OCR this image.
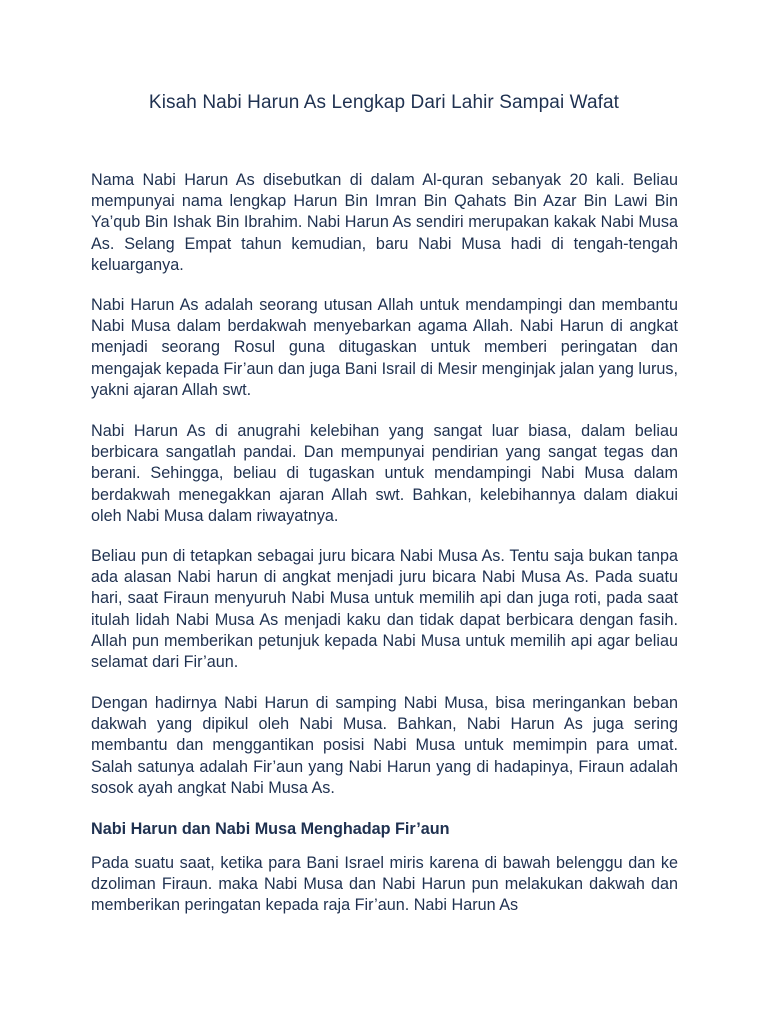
Kisah Nabi Harun As Lengkap Dari Lahir Sampai Wafat

Nama Nabi Harun As disebutkan di dalam Al-quran sebanyak 20 kali. Beliau mempunyai nama lengkap Harun Bin Imran Bin Qahats Bin Azar Bin Lawi Bin Ya’qub Bin Ishak Bin Ibrahim. Nabi Harun As sendiri merupakan kakak Nabi Musa As. Selang Empat tahun kemudian, baru Nabi Musa hadi di tengah-tengah keluarganya.

Nabi Harun As adalah seorang utusan Allah untuk mendampingi dan membantu Nabi Musa dalam berdakwah menyebarkan agama Allah. Nabi Harun di angkat menjadi seorang Rosul guna ditugaskan untuk memberi peringatan dan mengajak kepada Fir’aun dan juga Bani Israil di Mesir menginjak jalan yang lurus, yakni ajaran Allah swt.

Nabi Harun As di anugrahi kelebihan yang sangat luar biasa, dalam beliau berbicara sangatlah pandai. Dan mempunyai pendirian yang sangat tegas dan berani. Sehingga, beliau di tugaskan untuk mendampingi Nabi Musa dalam berdakwah menegakkan ajaran Allah swt. Bahkan, kelebihannya dalam diakui oleh Nabi Musa dalam riwayatnya.

Beliau pun di tetapkan sebagai juru bicara Nabi Musa As. Tentu saja bukan tanpa ada alasan Nabi harun di angkat menjadi juru bicara Nabi Musa As. Pada suatu hari, saat Firaun menyuruh Nabi Musa untuk memilih api dan juga roti, pada saat itulah lidah Nabi Musa As menjadi kaku dan tidak dapat berbicara dengan fasih. Allah pun memberikan petunjuk kepada Nabi Musa untuk memilih api agar beliau selamat dari Fir’aun.

Dengan hadirnya Nabi Harun di samping Nabi Musa, bisa meringankan beban dakwah yang dipikul oleh Nabi Musa. Bahkan, Nabi Harun As juga sering membantu dan menggantikan posisi Nabi Musa untuk memimpin para umat. Salah satunya adalah Fir’aun yang Nabi Harun yang di hadapinya, Firaun adalah sosok ayah angkat Nabi Musa As.

Nabi Harun dan Nabi Musa Menghadap Fir’aun

Pada suatu saat, ketika para Bani Israel miris karena di bawah belenggu dan ke dzoliman Firaun. maka Nabi Musa dan Nabi Harun pun melakukan dakwah dan memberikan peringatan kepada raja Fir’aun. Nabi Harun As
